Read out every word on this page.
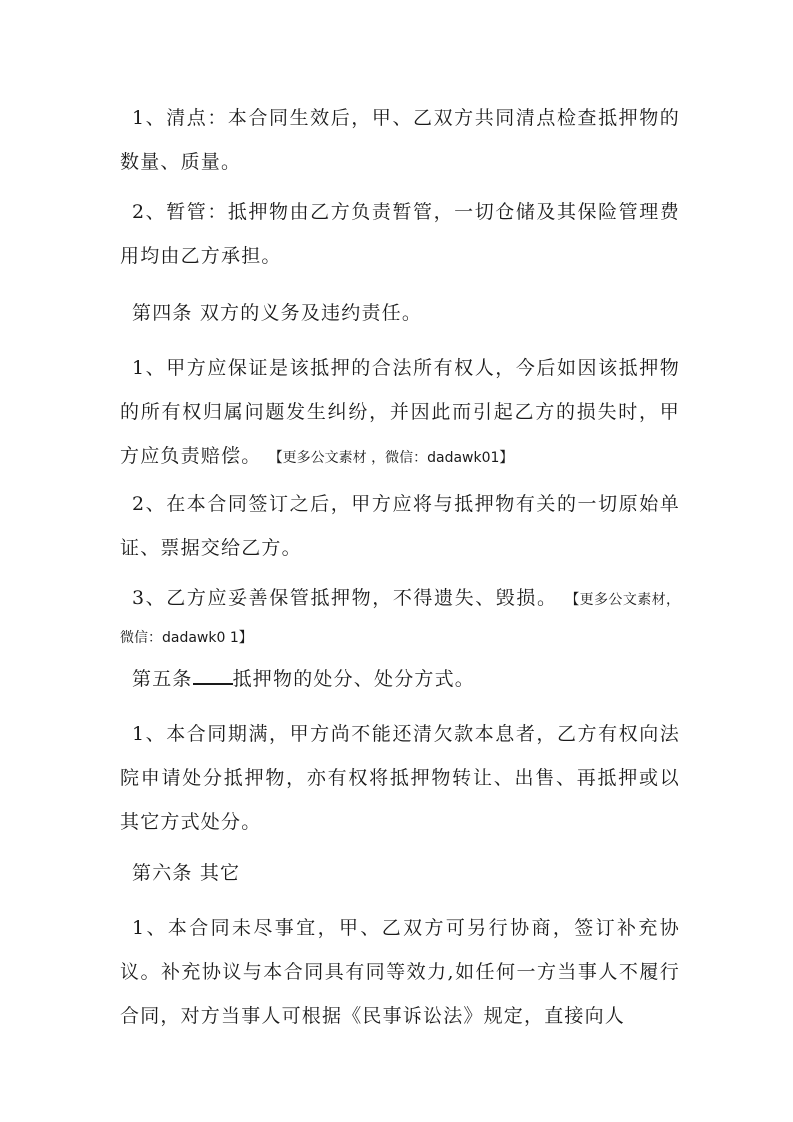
1、清点：本合同生效后，甲、乙双方共同清点检查抵押物的数量、质量。

2、暂管：抵押物由乙方负责暂管，一切仓储及其保险管理费用均由乙方承担。

第四条 双方的义务及违约责任。

1、甲方应保证是该抵押的合法所有权人，今后如因该抵押物的所有权归属问题发生纠纷，并因此而引起乙方的损失时，甲方应负责赔偿。 【更多公文素材 ，微信：dadawk01】

2、在本合同签订之后，甲方应将与抵押物有关的一切原始单证、票据交给乙方。

3、乙方应妥善保管抵押物，不得遗失、毁损。 【更多公文素材，微信：dadawk0 1】

第五条 抵押物的处分、处分方式。

1、本合同期满，甲方尚不能还清欠款本息者，乙方有权向法院申请处分抵押物，亦有权将抵押物转让、出售、再抵押或以其它方式处分。

第六条 其它

1、本合同未尽事宜，甲、乙双方可另行协商，签订补充协议。补充协议与本合同具有同等效力,如任何一方当事人不履行合同，对方当事人可根据《民事诉讼法》规定，直接向人
